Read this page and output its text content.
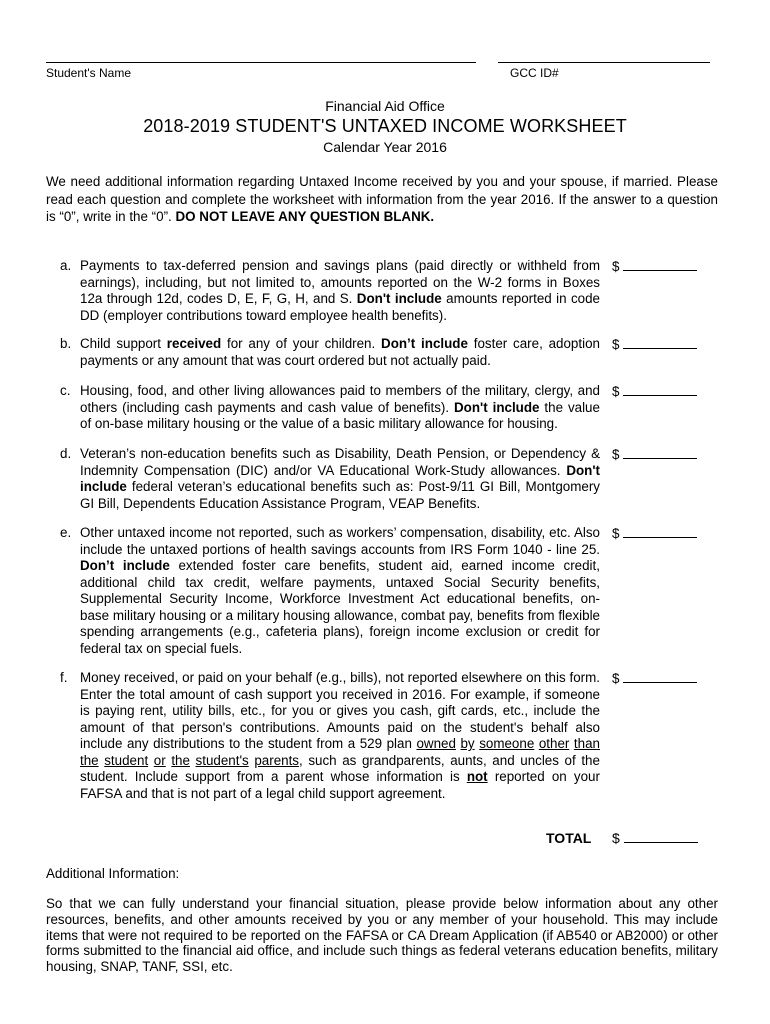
Student's Name	GCC ID#
Financial Aid Office
2018-2019 STUDENT'S UNTAXED INCOME WORKSHEET
Calendar Year 2016
We need additional information regarding Untaxed Income received by you and your spouse, if married. Please read each question and complete the worksheet with information from the year 2016. If the answer to a question is “0”, write in the “0”. DO NOT LEAVE ANY QUESTION BLANK.
a. Payments to tax-deferred pension and savings plans (paid directly or withheld from earnings), including, but not limited to, amounts reported on the W-2 forms in Boxes 12a through 12d, codes D, E, F, G, H, and S. Don't include amounts reported in code DD (employer contributions toward employee health benefits).
$
b. Child support received for any of your children. Don’t include foster care, adoption payments or any amount that was court ordered but not actually paid.
$
c. Housing, food, and other living allowances paid to members of the military, clergy, and others (including cash payments and cash value of benefits). Don't include the value of on-base military housing or the value of a basic military allowance for housing.
$
d. Veteran’s non-education benefits such as Disability, Death Pension, or Dependency & Indemnity Compensation (DIC) and/or VA Educational Work-Study allowances. Don't include federal veteran’s educational benefits such as: Post-9/11 GI Bill, Montgomery GI Bill, Dependents Education Assistance Program, VEAP Benefits.
$
e. Other untaxed income not reported, such as workers’ compensation, disability, etc. Also include the untaxed portions of health savings accounts from IRS Form 1040 - line 25. Don’t include extended foster care benefits, student aid, earned income credit, additional child tax credit, welfare payments, untaxed Social Security benefits, Supplemental Security Income, Workforce Investment Act educational benefits, on-base military housing or a military housing allowance, combat pay, benefits from flexible spending arrangements (e.g., cafeteria plans), foreign income exclusion or credit for federal tax on special fuels.
$
f. Money received, or paid on your behalf (e.g., bills), not reported elsewhere on this form. Enter the total amount of cash support you received in 2016. For example, if someone is paying rent, utility bills, etc., for you or gives you cash, gift cards, etc., include the amount of that person's contributions. Amounts paid on the student's behalf also include any distributions to the student from a 529 plan owned by someone other than the student or the student's parents, such as grandparents, aunts, and uncles of the student. Include support from a parent whose information is not reported on your FAFSA and that is not part of a legal child support agreement.
$
TOTAL $
Additional Information:
So that we can fully understand your financial situation, please provide below information about any other resources, benefits, and other amounts received by you or any member of your household. This may include items that were not required to be reported on the FAFSA or CA Dream Application (if AB540 or AB2000) or other forms submitted to the financial aid office, and include such things as federal veterans education benefits, military housing, SNAP, TANF, SSI, etc.
